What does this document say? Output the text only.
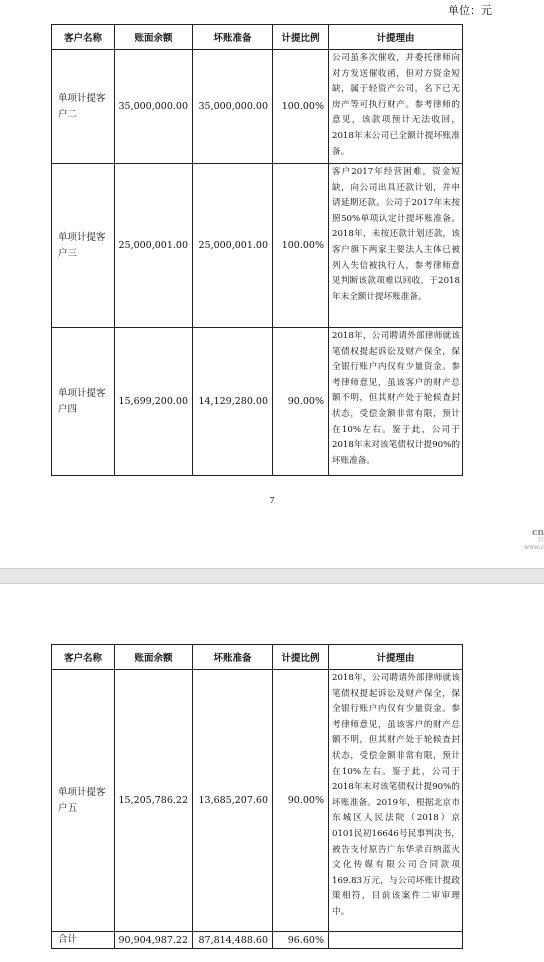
单位：元
客户名称	账面余额	坏账准备	计提比例	计提理由
单项计提客户二	35,000,000.00	35,000,000.00	100.00%	公司虽多次催收，并委托律师向对方发送催收函，但对方资金短缺，属于轻资产公司，名下已无房产等可执行财产。参考律师的意见，该款项预计无法收回，2018年末公司已全额计提坏账准备。
单项计提客户三	25,000,001.00	25,000,001.00	100.00%	客户2017年经营困难，资金短缺，向公司出具还款计划，并申请延期还款。公司于2017年末按照50%单项认定计提坏账准备。2018年，未按还款计划还款，该客户旗下两家主要法人主体已被列入失信被执行人，参考律师意见判断该款项难以回收，于2018年末全额计提坏账准备。
单项计提客户四	15,699,200.00	14,129,280.00	90.00%	2018年，公司聘请外部律师就该笔债权提起诉讼及财产保全，保全银行账户内仅有少量资金。参考律师意见，虽该客户的财产总额不明，但其财产处于轮候查封状态，受偿金额非常有限，预计在10%左右。鉴于此，公司于2018年末对该笔债权计提90%的坏账准备。
7
cn
巨
www.c
客户名称	账面余额	坏账准备	计提比例	计提理由
单项计提客户五	15,205,786.22	13,685,207.60	90.00%	2018年，公司聘请外部律师就该笔债权提起诉讼及财产保全，保全银行账户内仅有少量资金。参考律师意见，虽该客户的财产总额不明，但其财产处于轮候查封状态，受偿金额非常有限，预计在10%左右。鉴于此，公司于2018年末对该笔债权计提90%的坏账准备。2019年，根据北京市东城区人民法院（2018）京0101民初16646号民事判决书，被告支付原告广东华录百纳蓝火文化传媒有限公司合同款项169.83万元，与公司坏账计提政策相符，目前该案件二审审理中。
合计	90,904,987.22	87,814,488.60	96.60%	
